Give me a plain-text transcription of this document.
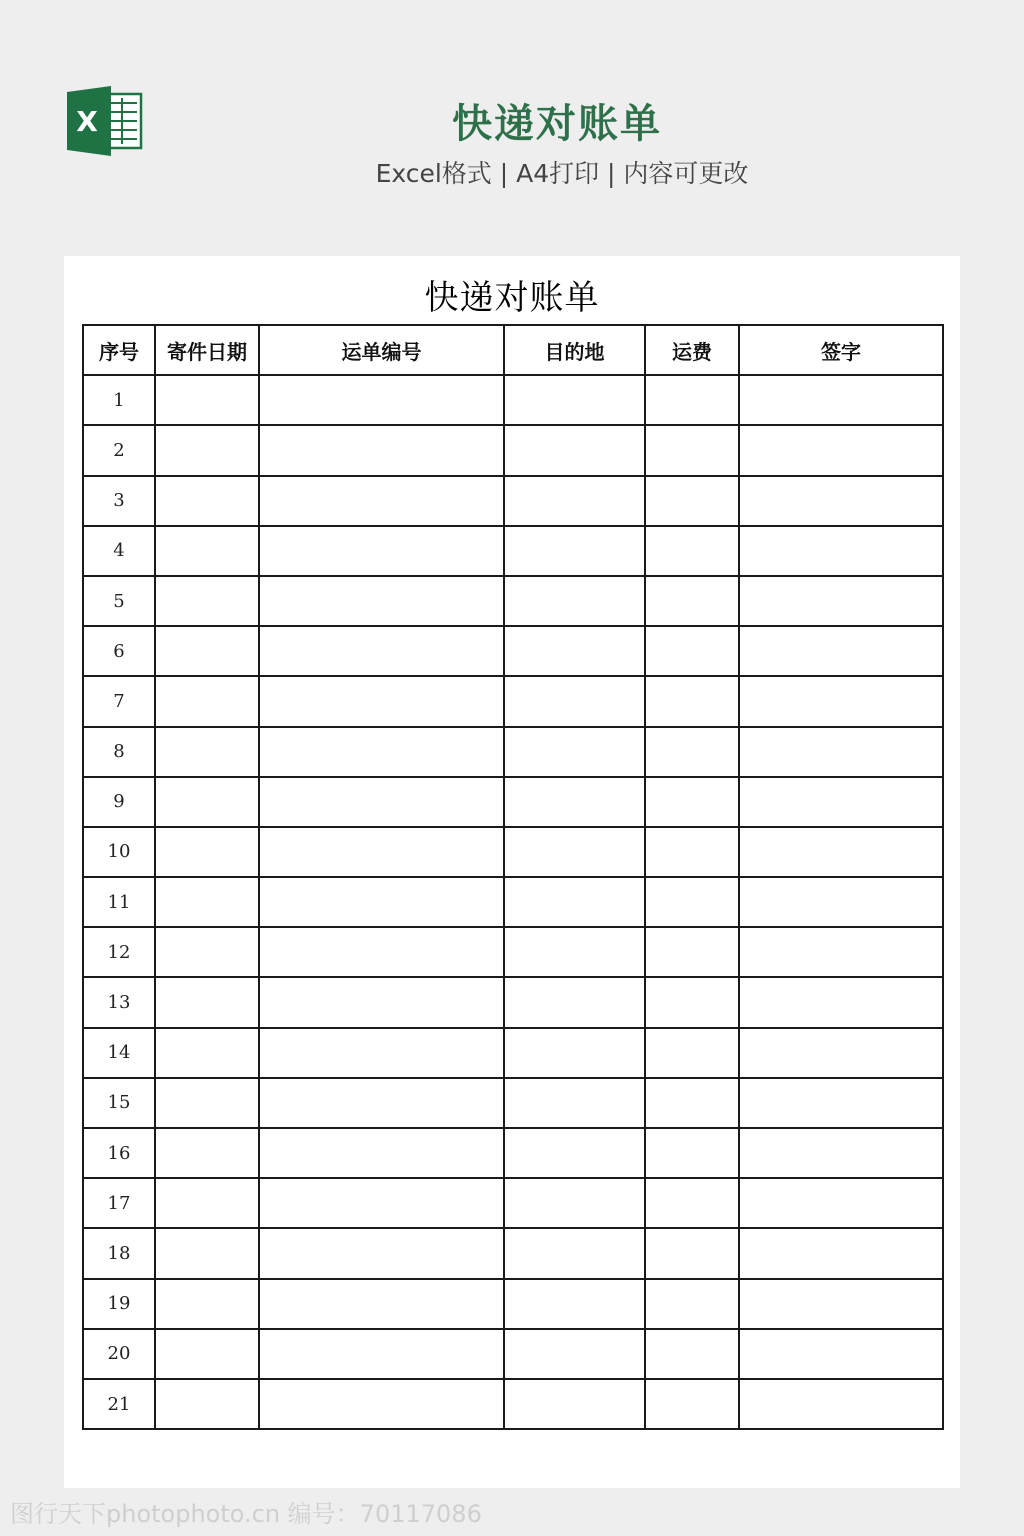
X	快递对账单
Excel格式 | A4打印 | 内容可更改
快递对账单
序号	寄件日期	运单编号	目的地	运费	签字
1					
2					
3					
4					
5					
6					
7					
8					
9					
10					
11					
12					
13					
14					
15					
16					
17					
18					
19					
20					
21					
图行天下photophoto.cn 编号：70117086
